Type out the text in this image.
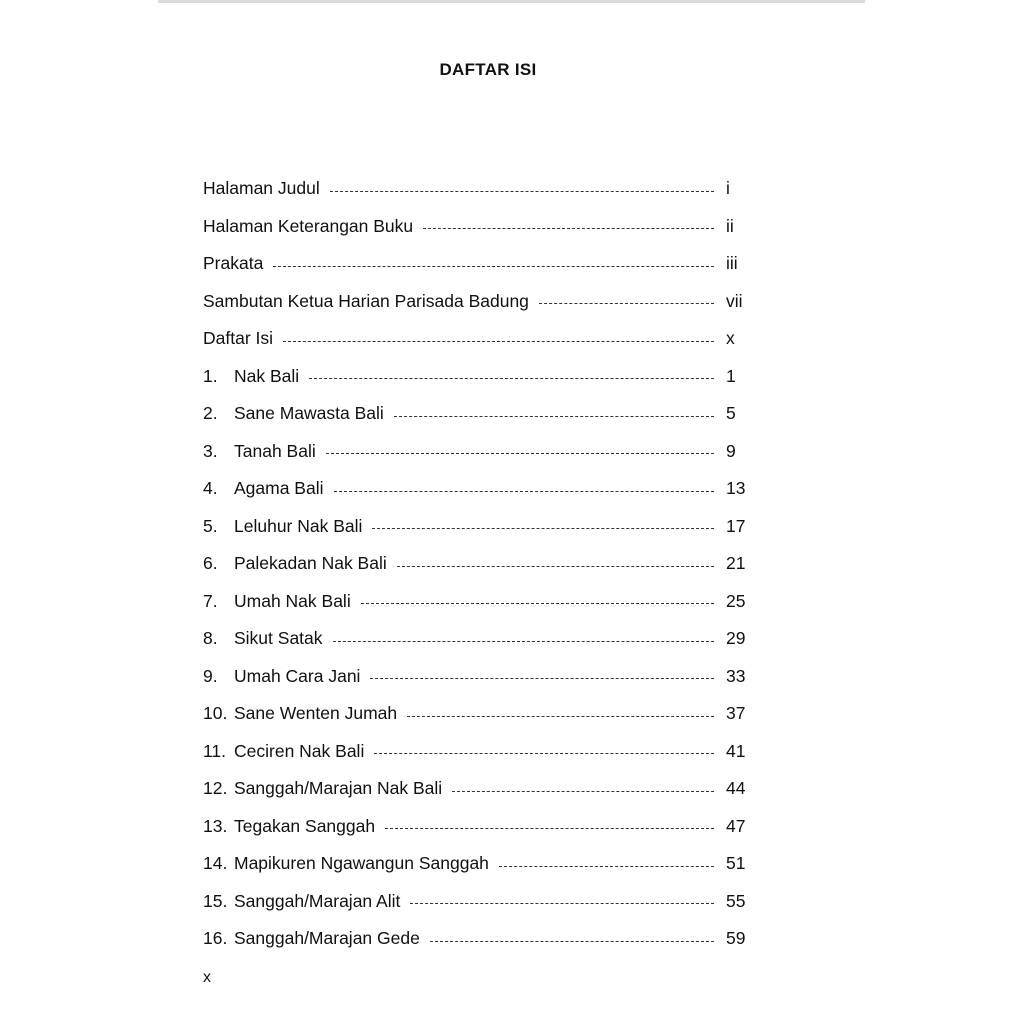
DAFTAR ISI
Halaman Judul	i
Halaman Keterangan Buku	ii
Prakata	iii
Sambutan Ketua Harian Parisada Badung	vii
Daftar Isi	x
1. Nak Bali	1
2. Sane Mawasta Bali	5
3. Tanah Bali	9
4. Agama Bali	13
5. Leluhur Nak Bali	17
6. Palekadan Nak Bali	21
7. Umah Nak Bali	25
8. Sikut Satak	29
9. Umah Cara Jani	33
10. Sane Wenten Jumah	37
11. Ceciren Nak Bali	41
12. Sanggah/Marajan Nak Bali	44
13. Tegakan Sanggah	47
14. Mapikuren Ngawangun Sanggah	51
15. Sanggah/Marajan Alit	55
16. Sanggah/Marajan Gede	59
x
